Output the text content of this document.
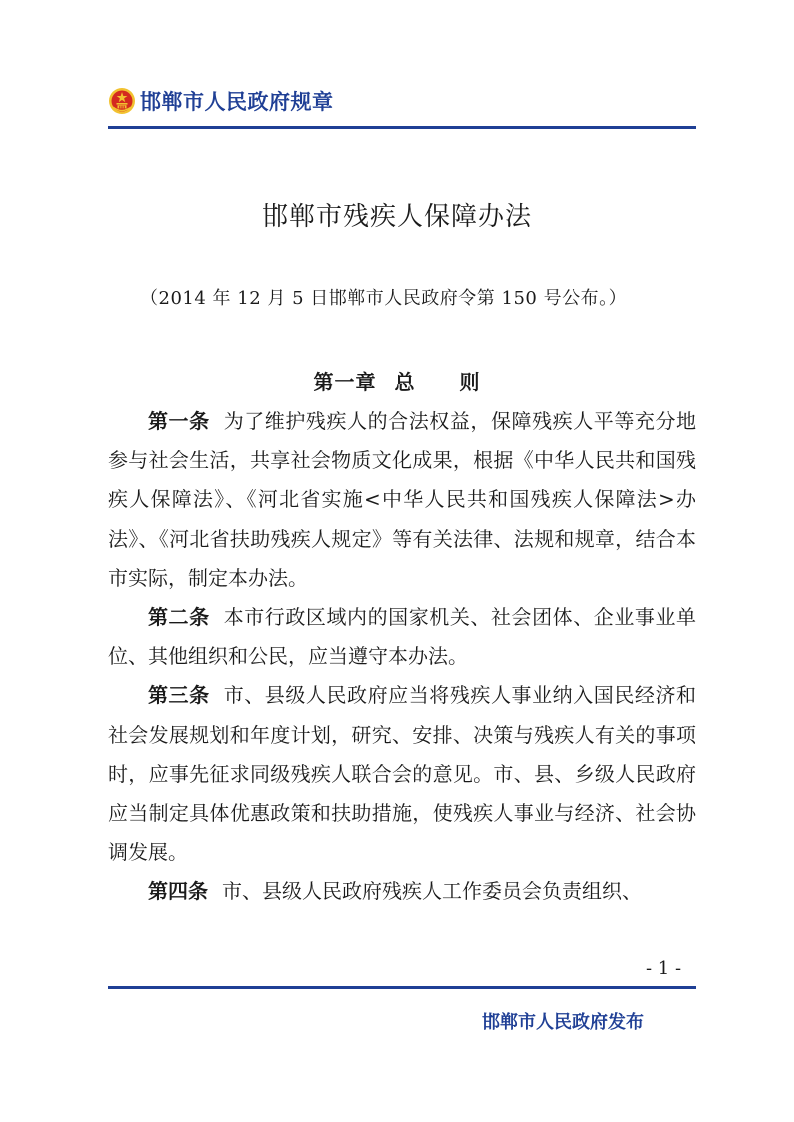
邯郸市人民政府规章
邯郸市残疾人保障办法
（2014 年 12 月 5 日邯郸市人民政府令第 150 号公布。）
第一章 总 则

第一条 为了维护残疾人的合法权益，保障残疾人平等充分地参与社会生活，共享社会物质文化成果，根据《中华人民共和国残疾人保障法》、《河北省实施<中华人民共和国残疾人保障法>办法》、《河北省扶助残疾人规定》等有关法律、法规和规章，结合本市实际，制定本办法。

第二条 本市行政区域内的国家机关、社会团体、企业事业单位、其他组织和公民，应当遵守本办法。

第三条 市、县级人民政府应当将残疾人事业纳入国民经济和社会发展规划和年度计划，研究、安排、决策与残疾人有关的事项时，应事先征求同级残疾人联合会的意见。市、县、乡级人民政府应当制定具体优惠政策和扶助措施，使残疾人事业与经济、社会协调发展。

第四条 市、县级人民政府残疾人工作委员会负责组织、

- 1 -
邯郸市人民政府发布
